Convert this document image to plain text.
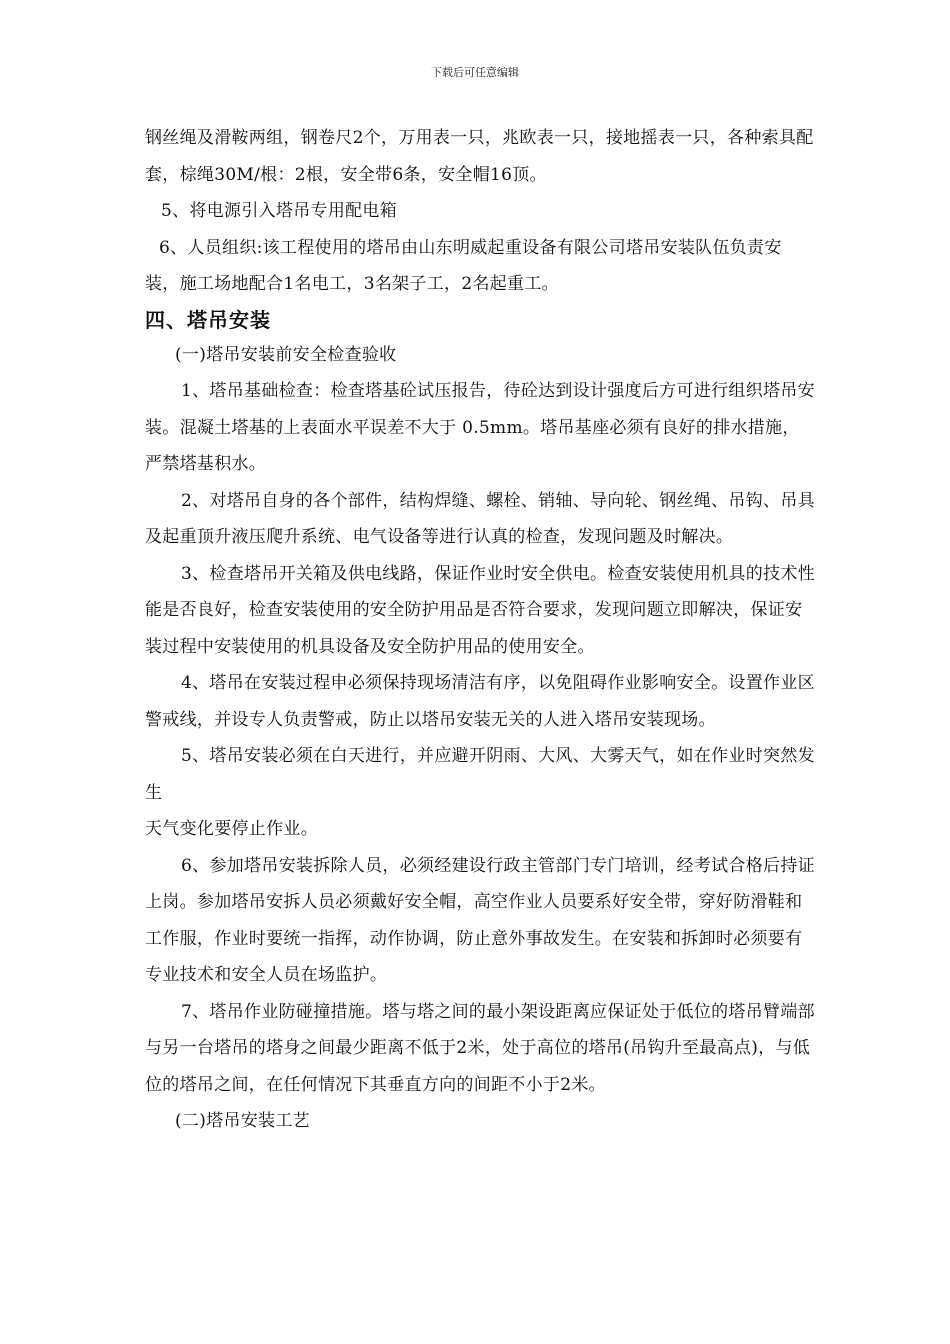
下载后可任意编辑

钢丝绳及滑鞍两组，钢卷尺2个，万用表一只，兆欧表一只，接地摇表一只，各种索具配套，棕绳30M/根：2根，安全带6条，安全帽16顶。

5、将电源引入塔吊专用配电箱

6、人员组织:该工程使用的塔吊由山东明威起重设备有限公司塔吊安装队伍负责安装，施工场地配合1名电工，3名架子工，2名起重工。

四、塔吊安装

(一)塔吊安装前安全检查验收

1、塔吊基础检查：检查塔基砼试压报告，待砼达到设计强度后方可进行组织塔吊安装。混凝土塔基的上表面水平误差不大于 0.5mm。塔吊基座必须有良好的排水措施，严禁塔基积水。

2、对塔吊自身的各个部件，结构焊缝、螺栓、销轴、导向轮、钢丝绳、吊钩、吊具及起重顶升液压爬升系统、电气设备等进行认真的检查，发现问题及时解决。

3、检查塔吊开关箱及供电线路，保证作业时安全供电。检查安装使用机具的技术性能是否良好，检查安装使用的安全防护用品是否符合要求，发现问题立即解决，保证安装过程中安装使用的机具设备及安全防护用品的使用安全。

4、塔吊在安装过程申必须保持现场清洁有序，以免阻碍作业影响安全。设置作业区警戒线，并设专人负责警戒，防止以塔吊安装无关的人进入塔吊安装现场。

5、塔吊安装必须在白天进行，并应避开阴雨、大风、大雾天气，如在作业时突然发生

天气变化要停止作业。

6、参加塔吊安装拆除人员，必须经建设行政主管部门专门培训，经考试合格后持证上岗。参加塔吊安拆人员必须戴好安全帽，高空作业人员要系好安全带，穿好防滑鞋和工作服，作业时要统一指挥，动作协调，防止意外事故发生。在安装和拆卸时必须要有专业技术和安全人员在场监护。

7、塔吊作业防碰撞措施。塔与塔之间的最小架设距离应保证处于低位的塔吊臂端部与另一台塔吊的塔身之间最少距离不低于2米，处于高位的塔吊(吊钩升至最高点)，与低位的塔吊之间，在任何情况下其垂直方向的间距不小于2米。

(二)塔吊安装工艺
